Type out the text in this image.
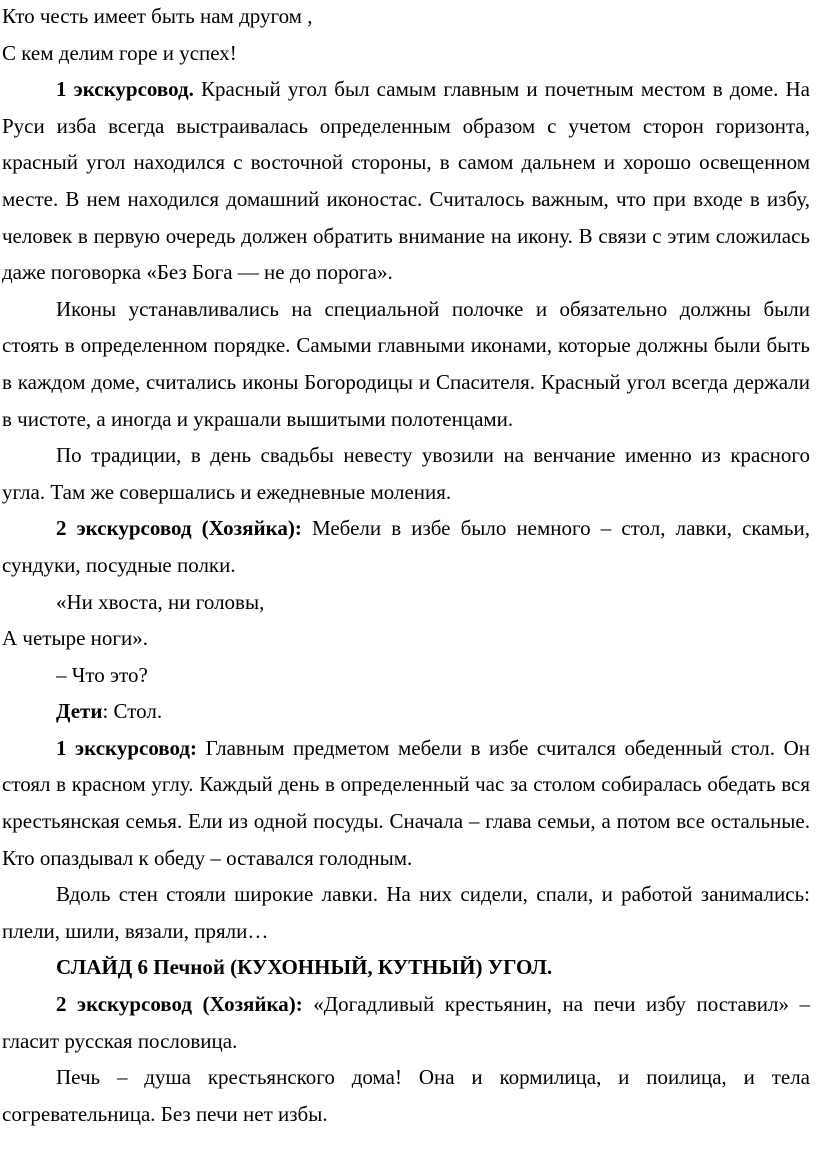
Кто честь имеет быть нам другом ,

С кем делим горе и успех!

1 экскурсовод. Красный угол был самым главным и почетным местом в доме. На Руси изба всегда выстраивалась определенным образом с учетом сторон горизонта, красный угол находился с восточной стороны, в самом дальнем и хорошо освещенном месте. В нем находился домашний иконостас. Считалось важным, что при входе в избу, человек в первую очередь должен обратить внимание на икону. В связи с этим сложилась даже поговорка «Без Бога — не до порога».

Иконы устанавливались на специальной полочке и обязательно должны были стоять в определенном порядке. Самыми главными иконами, которые должны были быть в каждом доме, считались иконы Богородицы и Спасителя. Красный угол всегда держали в чистоте, а иногда и украшали вышитыми полотенцами.

По традиции, в день свадьбы невесту увозили на венчание именно из красного угла. Там же совершались и ежедневные моления.

2 экскурсовод (Хозяйка): Мебели в избе было немного – стол, лавки, скамьи, сундуки, посудные полки.

«Ни хвоста, ни головы,

А четыре ноги».

– Что это?

Дети: Стол.

1 экскурсовод: Главным предметом мебели в избе считался обеденный стол. Он стоял в красном углу. Каждый день в определенный час за столом собиралась обедать вся крестьянская семья. Ели из одной посуды. Сначала – глава семьи, а потом все остальные. Кто опаздывал к обеду – оставался голодным.

Вдоль стен стояли широкие лавки. На них сидели, спали, и работой занимались: плели, шили, вязали, пряли…

СЛАЙД 6 Печной (КУХОННЫЙ, КУТНЫЙ) УГОЛ.

2 экскурсовод (Хозяйка): «Догадливый крестьянин, на печи избу поставил» – гласит русская пословица.

Печь – душа крестьянского дома! Она и кормилица, и поилица, и тела согревательница. Без печи нет избы.
